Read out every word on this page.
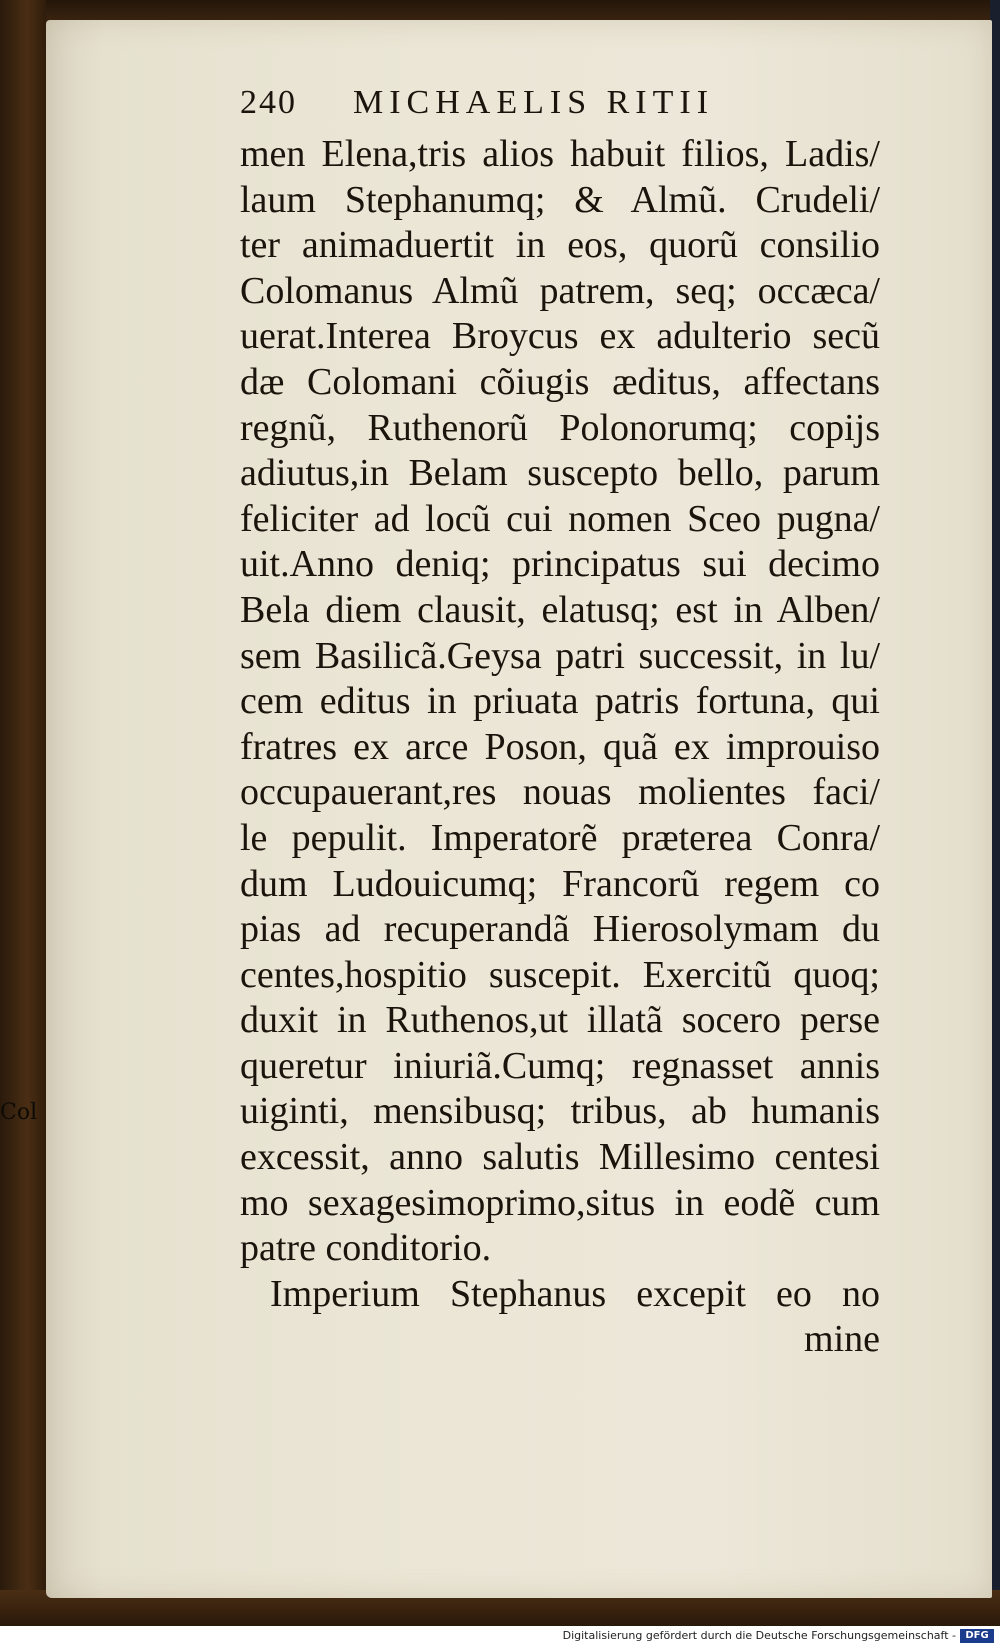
Col
240 MICHAELIS RITII
men Elena,tris alios habuit filios, Ladis/
laum Stephanumq; & Almũ. Crudeli/
ter animaduertit in eos, quorũ consilio
Colomanus Almũ patrem, seq; occæca/
uerat.Interea Broycus ex adulterio secũ
dæ Colomani cõiugis æditus, affectans
regnũ, Ruthenorũ Polonorumq; copijs
adiutus,in Belam suscepto bello, parum
feliciter ad locũ cui nomen Sceo pugna/
uit.Anno deniq; principatus sui decimo
Bela diem clausit, elatusq; est in Alben/
sem Basilicã.Geysa patri successit, in lu/
cem editus in priuata patris fortuna, qui
fratres ex arce Poson, quã ex improuiso
occupauerant,res nouas molientes faci/
le pepulit. Imperatorẽ præterea Conra/
dum Ludouicumq; Francorũ regem co
pias ad recuperandã Hierosolymam du
centes,hospitio suscepit. Exercitũ quoq;
duxit in Ruthenos,ut illatã socero perse
queretur iniuriã.Cumq; regnasset annis
uiginti, mensibusq; tribus, ab humanis
excessit, anno salutis Millesimo centesi
mo sexagesimoprimo,situs in eodẽ cum
patre conditorio.
Imperium Stephanus excepit eo no
mine
Digitalisierung gefördert durch die Deutsche Forschungsgemeinschaft - DFG
